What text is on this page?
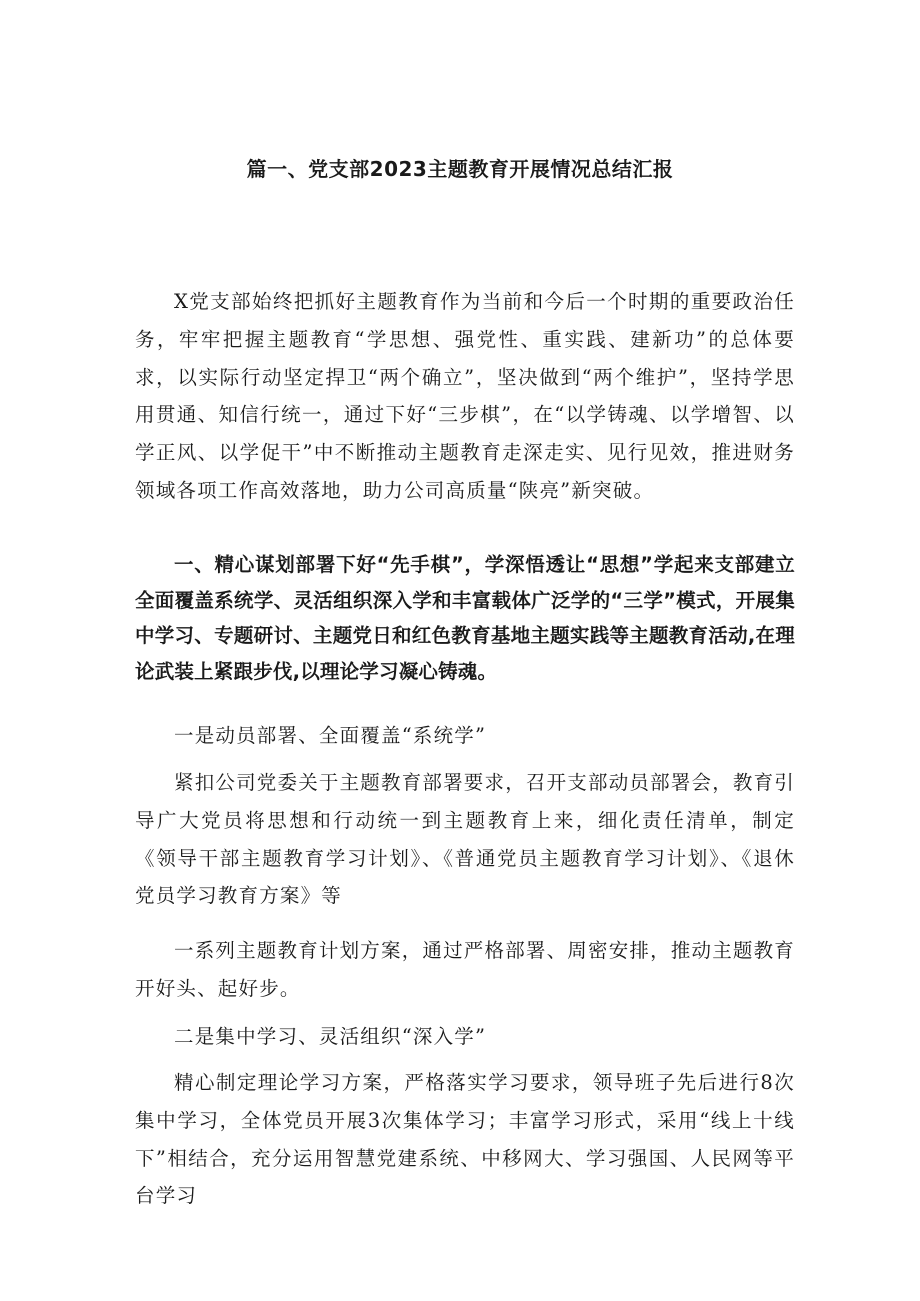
篇一、党支部2023主题教育开展情况总结汇报

X党支部始终把抓好主题教育作为当前和今后一个时期的重要政治任务，牢牢把握主题教育“学思想、强党性、重实践、建新功”的总体要求，以实际行动坚定捍卫“两个确立”，坚决做到“两个维护”，坚持学思用贯通、知信行统一，通过下好“三步棋”，在“以学铸魂、以学增智、以学正风、以学促干”中不断推动主题教育走深走实、见行见效，推进财务领域各项工作高效落地，助力公司高质量“陕亮”新突破。

一、精心谋划部署下好“先手棋”，学深悟透让“思想”学起来支部建立全面覆盖系统学、灵活组织深入学和丰富载体广泛学的“三学”模式，开展集中学习、专题研讨、主题党日和红色教育基地主题实践等主题教育活动,在理论武装上紧跟步伐,以理论学习凝心铸魂。

一是动员部署、全面覆盖“系统学”

紧扣公司党委关于主题教育部署要求，召开支部动员部署会，教育引导广大党员将思想和行动统一到主题教育上来，细化责任清单，制定《领导干部主题教育学习计划》、《普通党员主题教育学习计划》、《退休党员学习教育方案》等

一系列主题教育计划方案，通过严格部署、周密安排，推动主题教育开好头、起好步。

二是集中学习、灵活组织“深入学”

精心制定理论学习方案，严格落实学习要求，领导班子先后进行8次集中学习，全体党员开展3次集体学习；丰富学习形式，采用“线上十线下”相结合，充分运用智慧党建系统、中移网大、学习强国、人民网等平台学习
